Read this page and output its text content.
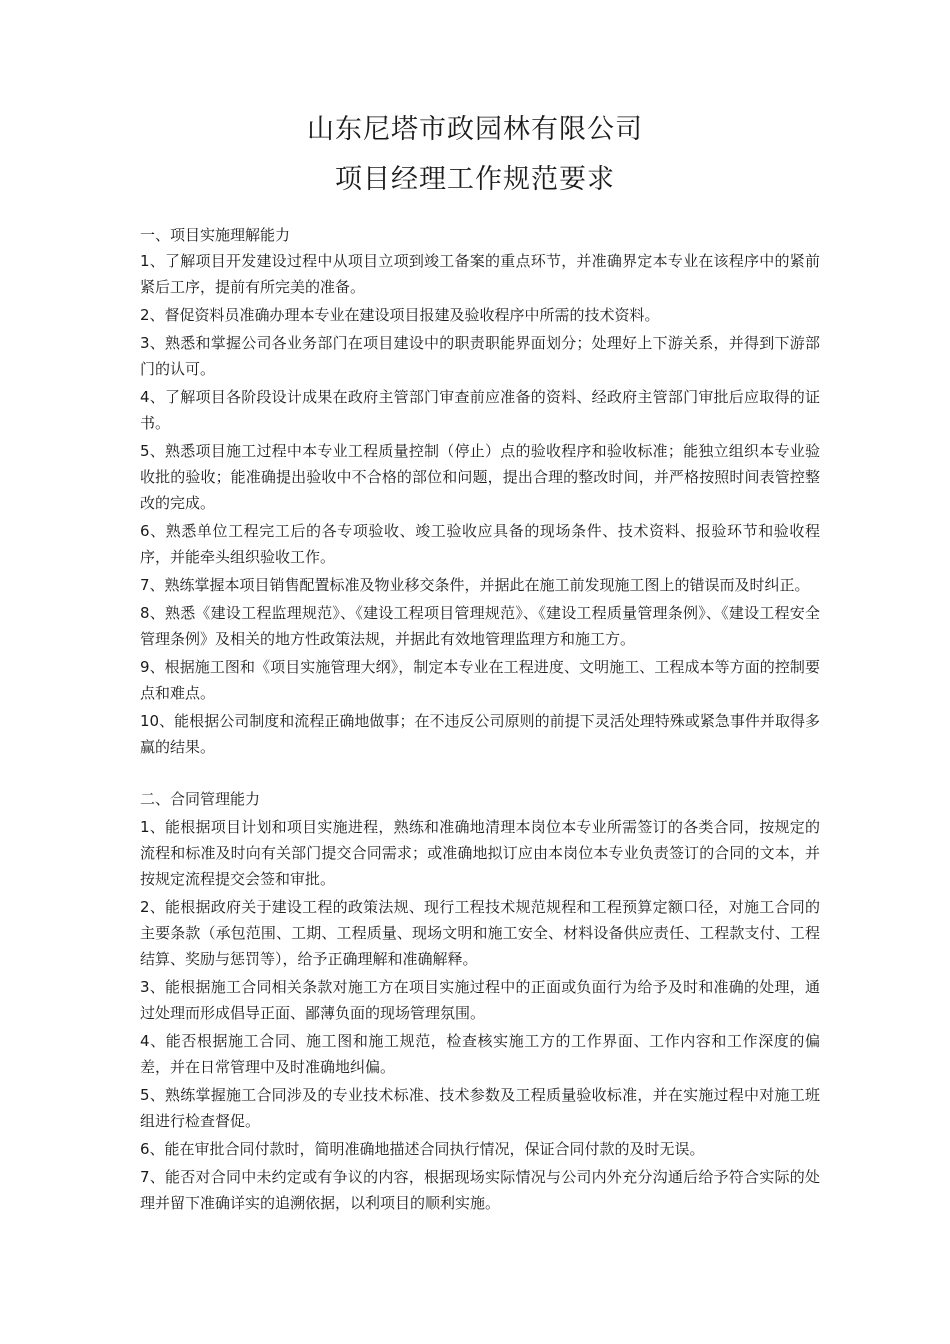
山东尼塔市政园林有限公司
项目经理工作规范要求

一、项目实施理解能力

1、了解项目开发建设过程中从项目立项到竣工备案的重点环节，并准确界定本专业在该程序中的紧前紧后工序，提前有所完美的准备。
2、督促资料员准确办理本专业在建设项目报建及验收程序中所需的技术资料。
3、熟悉和掌握公司各业务部门在项目建设中的职责职能界面划分；处理好上下游关系，并得到下游部门的认可。
4、了解项目各阶段设计成果在政府主管部门审查前应准备的资料、经政府主管部门审批后应取得的证书。
5、熟悉项目施工过程中本专业工程质量控制（停止）点的验收程序和验收标准；能独立组织本专业验收批的验收；能准确提出验收中不合格的部位和问题，提出合理的整改时间，并严格按照时间表管控整改的完成。
6、熟悉单位工程完工后的各专项验收、竣工验收应具备的现场条件、技术资料、报验环节和验收程序，并能牵头组织验收工作。
7、熟练掌握本项目销售配置标准及物业移交条件，并据此在施工前发现施工图上的错误而及时纠正。
8、熟悉《建设工程监理规范》、《建设工程项目管理规范》、《建设工程质量管理条例》、《建设工程安全管理条例》及相关的地方性政策法规，并据此有效地管理监理方和施工方。
9、根据施工图和《项目实施管理大纲》，制定本专业在工程进度、文明施工、工程成本等方面的控制要点和难点。
10、能根据公司制度和流程正确地做事；在不违反公司原则的前提下灵活处理特殊或紧急事件并取得多赢的结果。

二、合同管理能力

1、能根据项目计划和项目实施进程，熟练和准确地清理本岗位本专业所需签订的各类合同，按规定的流程和标准及时向有关部门提交合同需求；或准确地拟订应由本岗位本专业负责签订的合同的文本，并按规定流程提交会签和审批。
2、能根据政府关于建设工程的政策法规、现行工程技术规范规程和工程预算定额口径，对施工合同的主要条款（承包范围、工期、工程质量、现场文明和施工安全、材料设备供应责任、工程款支付、工程结算、奖励与惩罚等），给予正确理解和准确解释。
3、能根据施工合同相关条款对施工方在项目实施过程中的正面或负面行为给予及时和准确的处理，通过处理而形成倡导正面、鄙薄负面的现场管理氛围。
4、能否根据施工合同、施工图和施工规范，检查核实施工方的工作界面、工作内容和工作深度的偏差，并在日常管理中及时准确地纠偏。
5、熟练掌握施工合同涉及的专业技术标准、技术参数及工程质量验收标准，并在实施过程中对施工班组进行检查督促。
6、能在审批合同付款时，简明准确地描述合同执行情况，保证合同付款的及时无误。
7、能否对合同中未约定或有争议的内容，根据现场实际情况与公司内外充分沟通后给予符合实际的处理并留下准确详实的追溯依据，以利项目的顺利实施。
